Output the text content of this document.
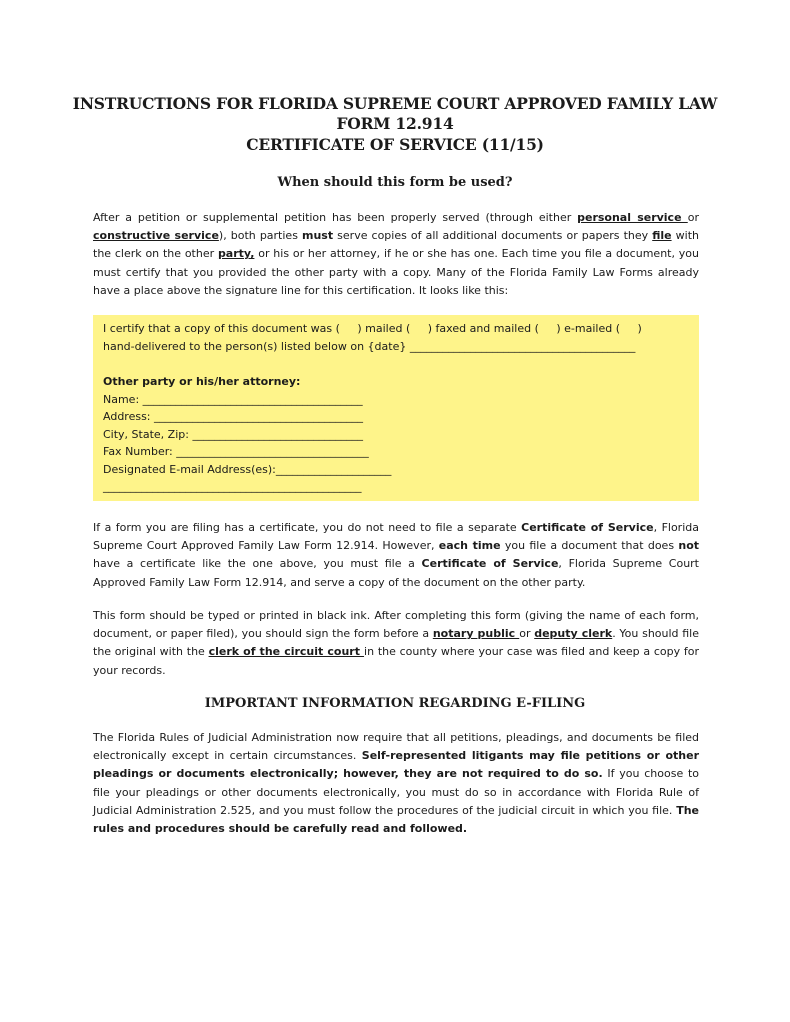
INSTRUCTIONS FOR FLORIDA SUPREME COURT APPROVED FAMILY LAW
FORM 12.914
CERTIFICATE OF SERVICE (11/15)
When should this form be used?
After a petition or supplemental petition has been properly served (through either personal service or constructive service), both parties must serve copies of all additional documents or papers they file with the clerk on the other party, or his or her attorney, if he or she has one. Each time you file a document, you must certify that you provided the other party with a copy. Many of the Florida Family Law Forms already have a place above the signature line for this certification. It looks like this:
I certify that a copy of this document was (     ) mailed (     ) faxed and mailed (     ) e-mailed (     )
hand-delivered to the person(s) listed below on {date} _________________________________________
Other party or his/her attorney:
Name: ________________________________________
Address: ______________________________________
City, State, Zip: _______________________________
Fax Number: ___________________________________
Designated E-mail Address(es):_____________________
_______________________________________________
If a form you are filing has a certificate, you do not need to file a separate Certificate of Service, Florida Supreme Court Approved Family Law Form 12.914. However, each time you file a document that does not have a certificate like the one above, you must file a Certificate of Service, Florida Supreme Court Approved Family Law Form 12.914, and serve a copy of the document on the other party.
This form should be typed or printed in black ink. After completing this form (giving the name of each form, document, or paper filed), you should sign the form before a notary public or deputy clerk. You should file the original with the clerk of the circuit court in the county where your case was filed and keep a copy for your records.
IMPORTANT INFORMATION REGARDING E-FILING
The Florida Rules of Judicial Administration now require that all petitions, pleadings, and documents be filed electronically except in certain circumstances. Self-represented litigants may file petitions or other pleadings or documents electronically; however, they are not required to do so. If you choose to file your pleadings or other documents electronically, you must do so in accordance with Florida Rule of Judicial Administration 2.525, and you must follow the procedures of the judicial circuit in which you file. The rules and procedures should be carefully read and followed.
